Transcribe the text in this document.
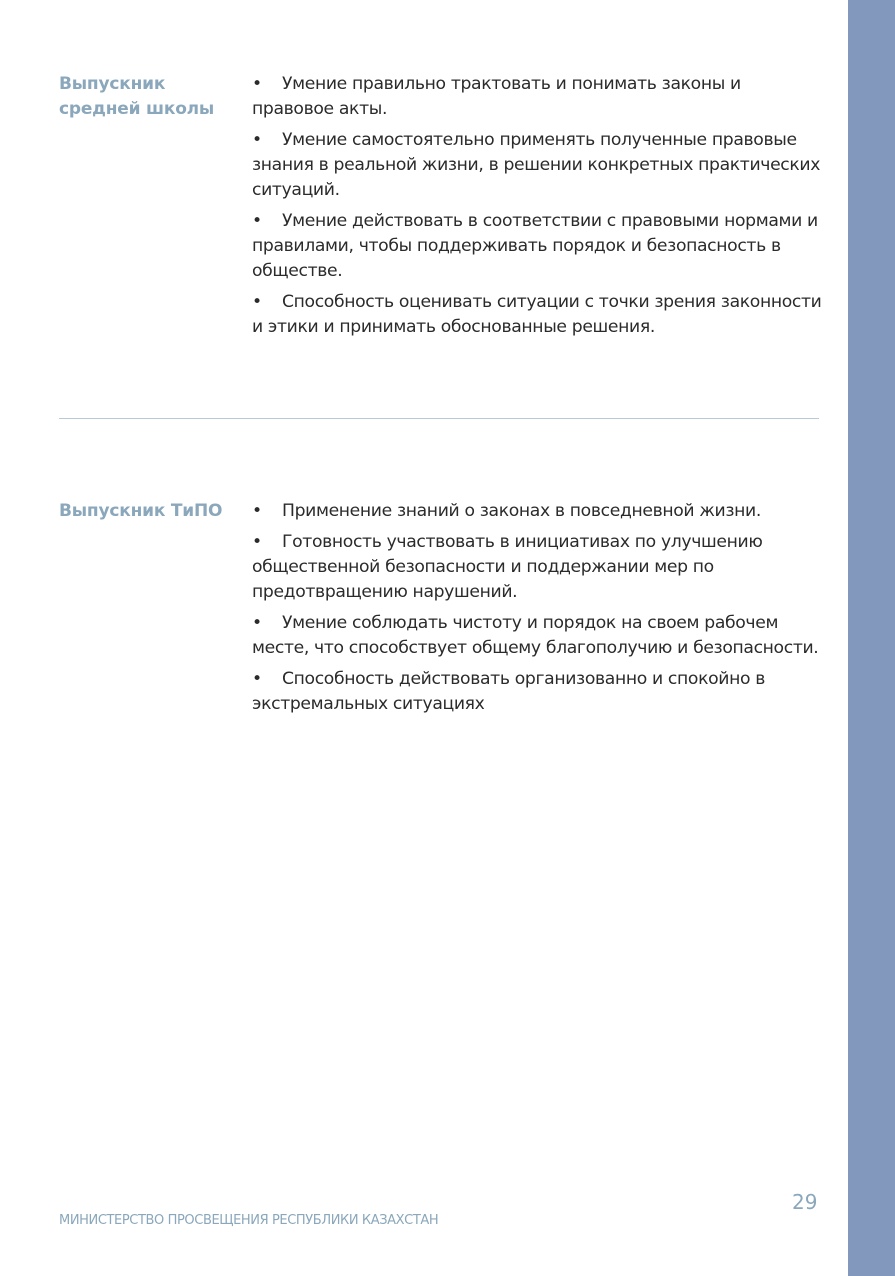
Выпускник
средней школы
• Умение правильно трактовать и понимать законы и правовое акты.
• Умение самостоятельно применять полученные правовые знания в реальной жизни, в решении конкретных практических ситуаций.
• Умение действовать в соответствии с правовыми нормами и правилами, чтобы поддерживать порядок и безопасность в обществе.
• Способность оценивать ситуации с точки зрения законности и этики и принимать обоснованные решения.
Выпускник ТиПО	• Применение знаний о законах в повседневной жизни.
• Готовность участвовать в инициативах по улучшению общественной безопасности и поддержании мер по предотвращению нарушений.
• Умение соблюдать чистоту и порядок на своем рабочем месте, что способствует общему благополучию и безопасности.
• Способность действовать организованно и спокойно в экстремальных ситуациях
МИНИСТЕРСТВО ПРОСВЕЩЕНИЯ РЕСПУБЛИКИ КАЗАХСТАН
29
